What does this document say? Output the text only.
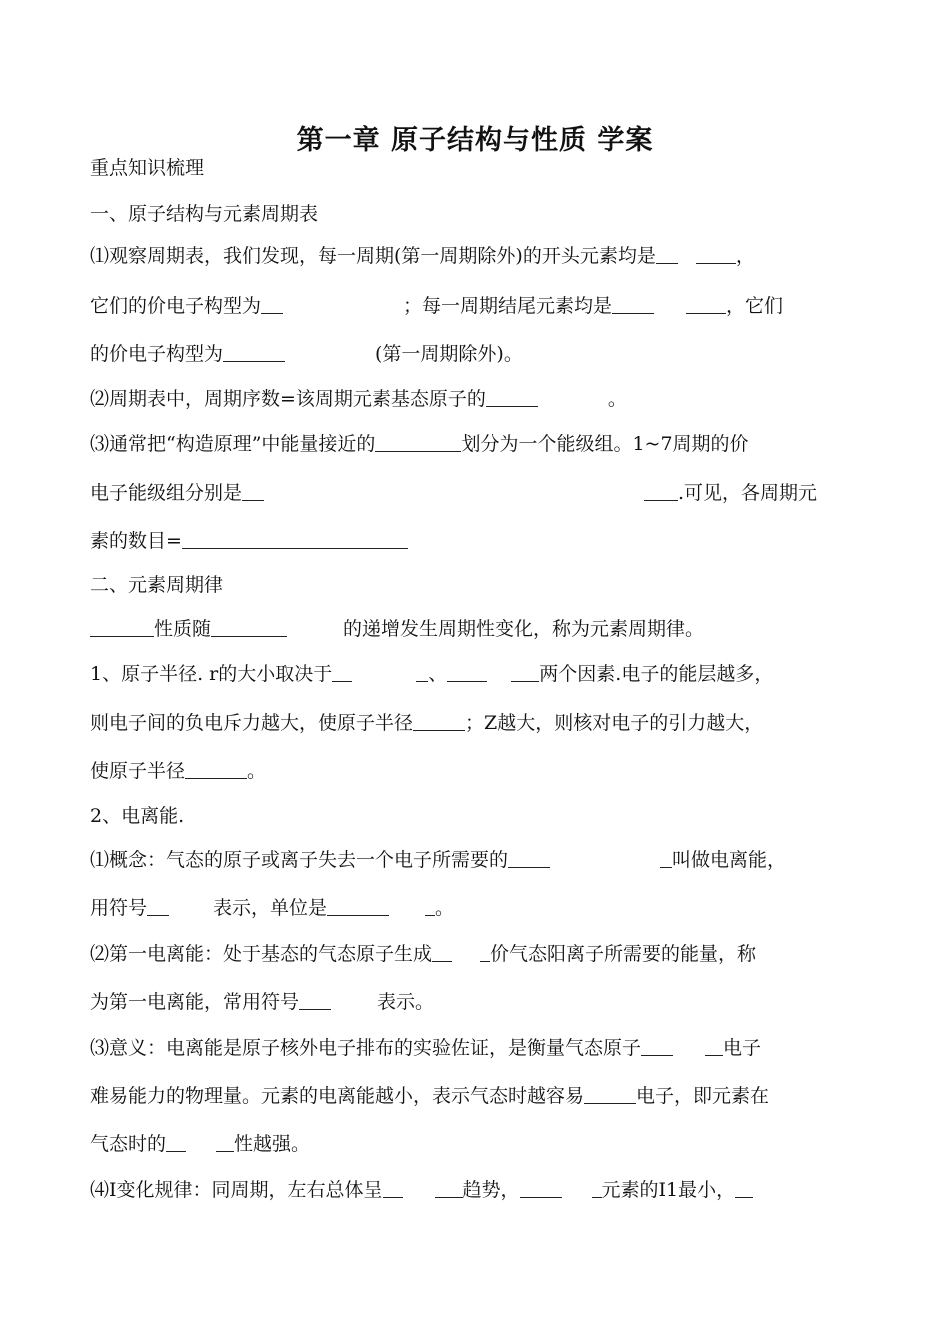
第一章 原子结构与性质 学案
重点知识梳理
一、原子结构与元素周期表
⑴观察周期表，我们发现，每一周期(第一周期除外)的开头元素均是	，
它们的价电子构型为	；每一周期结尾元素均是	，它们
的价电子构型为	(第一周期除外)。
⑵周期表中，周期序数=该周期元素基态原子的	。
⑶通常把“构造原理”中能量接近的	划分为一个能级组。1~7周期的价
电子能级组分别是	.可见，各周期元
素的数目=
二、元素周期律
性质随	的递增发生周期性变化，称为元素周期律。
1、原子半径. r的大小取决于	、	两个因素.电子的能层越多，
则电子间的负电斥力越大，使原子半径	；Z越大，则核对电子的引力越大，
使原子半径	。
2、电离能.
⑴概念：气态的原子或离子失去一个电子所需要的	叫做电离能，
用符号	表示，单位是	。
⑵第一电离能：处于基态的气态原子生成	价气态阳离子所需要的能量，称
为第一电离能，常用符号	表示。
⑶意义：电离能是原子核外电子排布的实验佐证，是衡量气态原子	电子
难易能力的物理量。元素的电离能越小，表示气态时越容易	电子，即元素在
气态时的	性越强。
⑷I变化规律：同周期，左右总体呈	趋势，	元素的I1最小，
